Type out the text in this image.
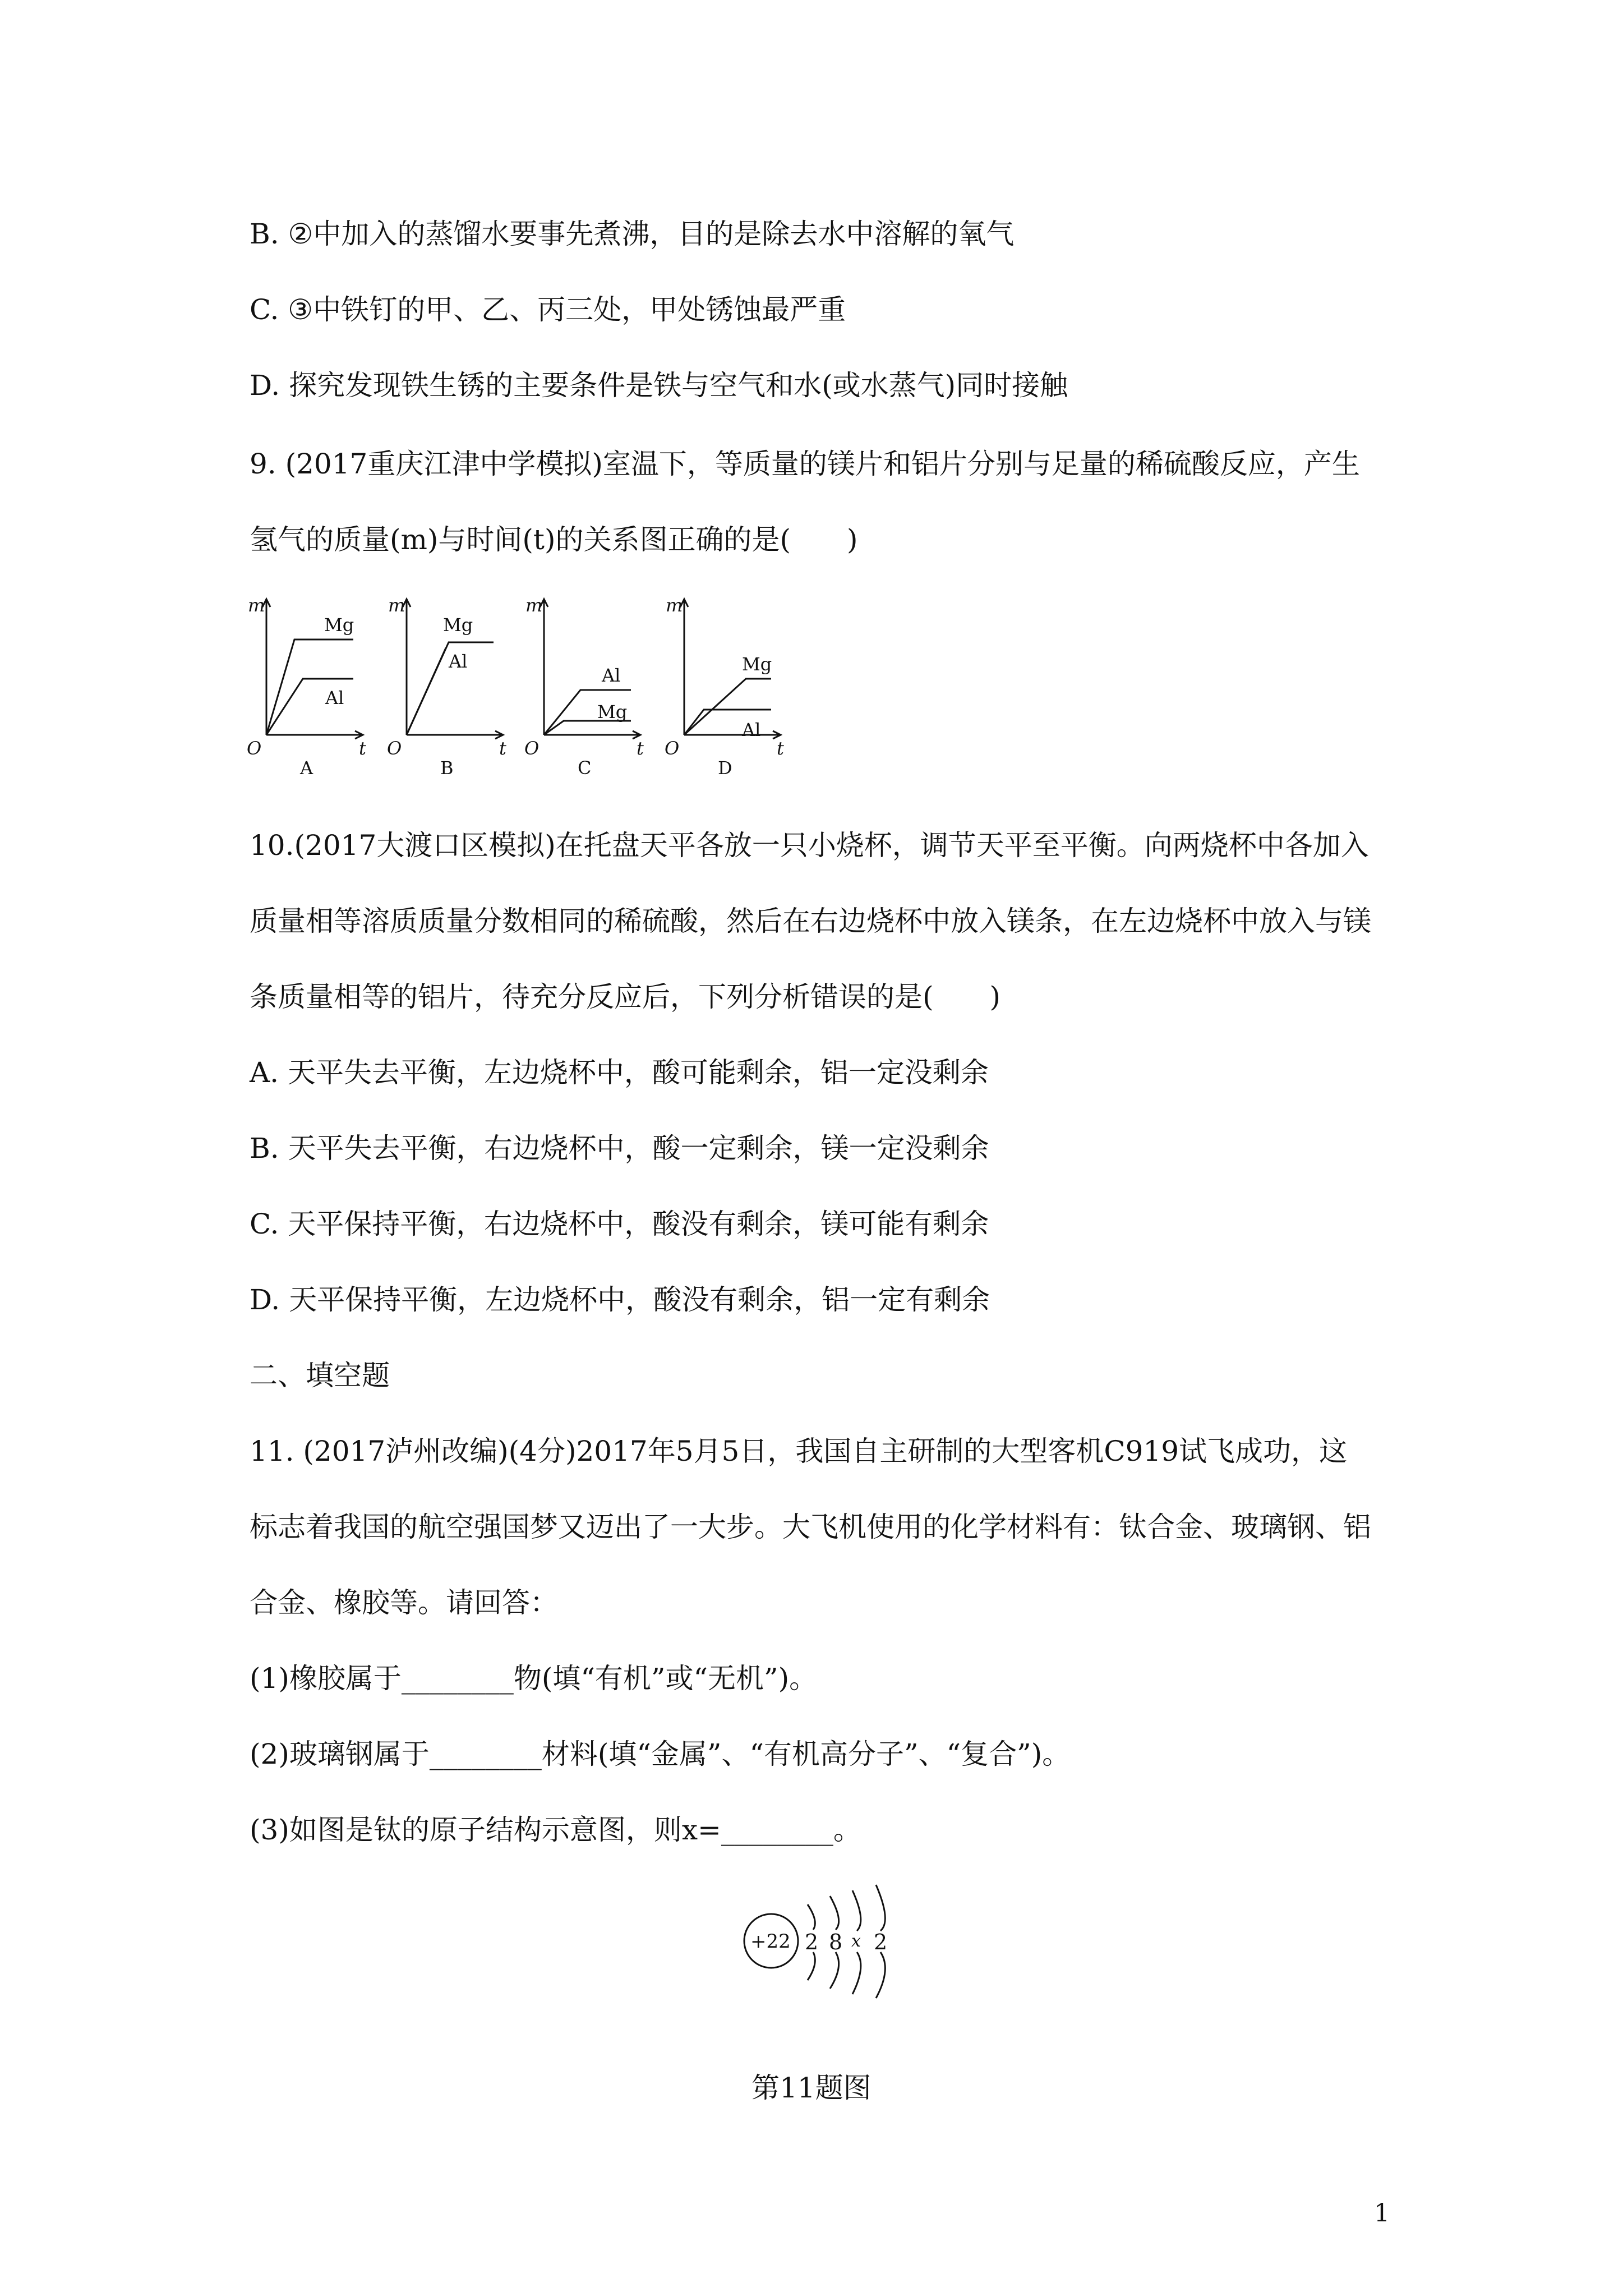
B. ②中加入的蒸馏水要事先煮沸，目的是除去水中溶解的氧气
C. ③中铁钉的甲、乙、丙三处，甲处锈蚀最严重
D. 探究发现铁生锈的主要条件是铁与空气和水(或水蒸气)同时接触
9. (2017重庆江津中学模拟)室温下，等质量的镁片和铝片分别与足量的稀硫酸反应，产生
氢气的质量(m)与时间(t)的关系图正确的是(　　)
m
t
O
Mg
Al
A
m
t
O
Mg
Al
B
m
t
O
Al
Mg
C
m
t
O
Mg
Al
D
10.(2017大渡口区模拟)在托盘天平各放一只小烧杯，调节天平至平衡。向两烧杯中各加入
质量相等溶质质量分数相同的稀硫酸，然后在右边烧杯中放入镁条，在左边烧杯中放入与镁
条质量相等的铝片，待充分反应后，下列分析错误的是(　　)
A. 天平失去平衡，左边烧杯中，酸可能剩余，铝一定没剩余
B. 天平失去平衡，右边烧杯中，酸一定剩余，镁一定没剩余
C. 天平保持平衡，右边烧杯中，酸没有剩余，镁可能有剩余
D. 天平保持平衡，左边烧杯中，酸没有剩余，铝一定有剩余
二、填空题
11. (2017泸州改编)(4分)2017年5月5日，我国自主研制的大型客机C919试飞成功，这
标志着我国的航空强国梦又迈出了一大步。大飞机使用的化学材料有：钛合金、玻璃钢、铝
合金、橡胶等。请回答：
(1)橡胶属于________物(填“有机”或“无机”)。
(2)玻璃钢属于________材料(填“金属”、“有机高分子”、“复合”)。
(3)如图是钛的原子结构示意图，则x=________。
+22 2 8 x 2
第11题图
1
